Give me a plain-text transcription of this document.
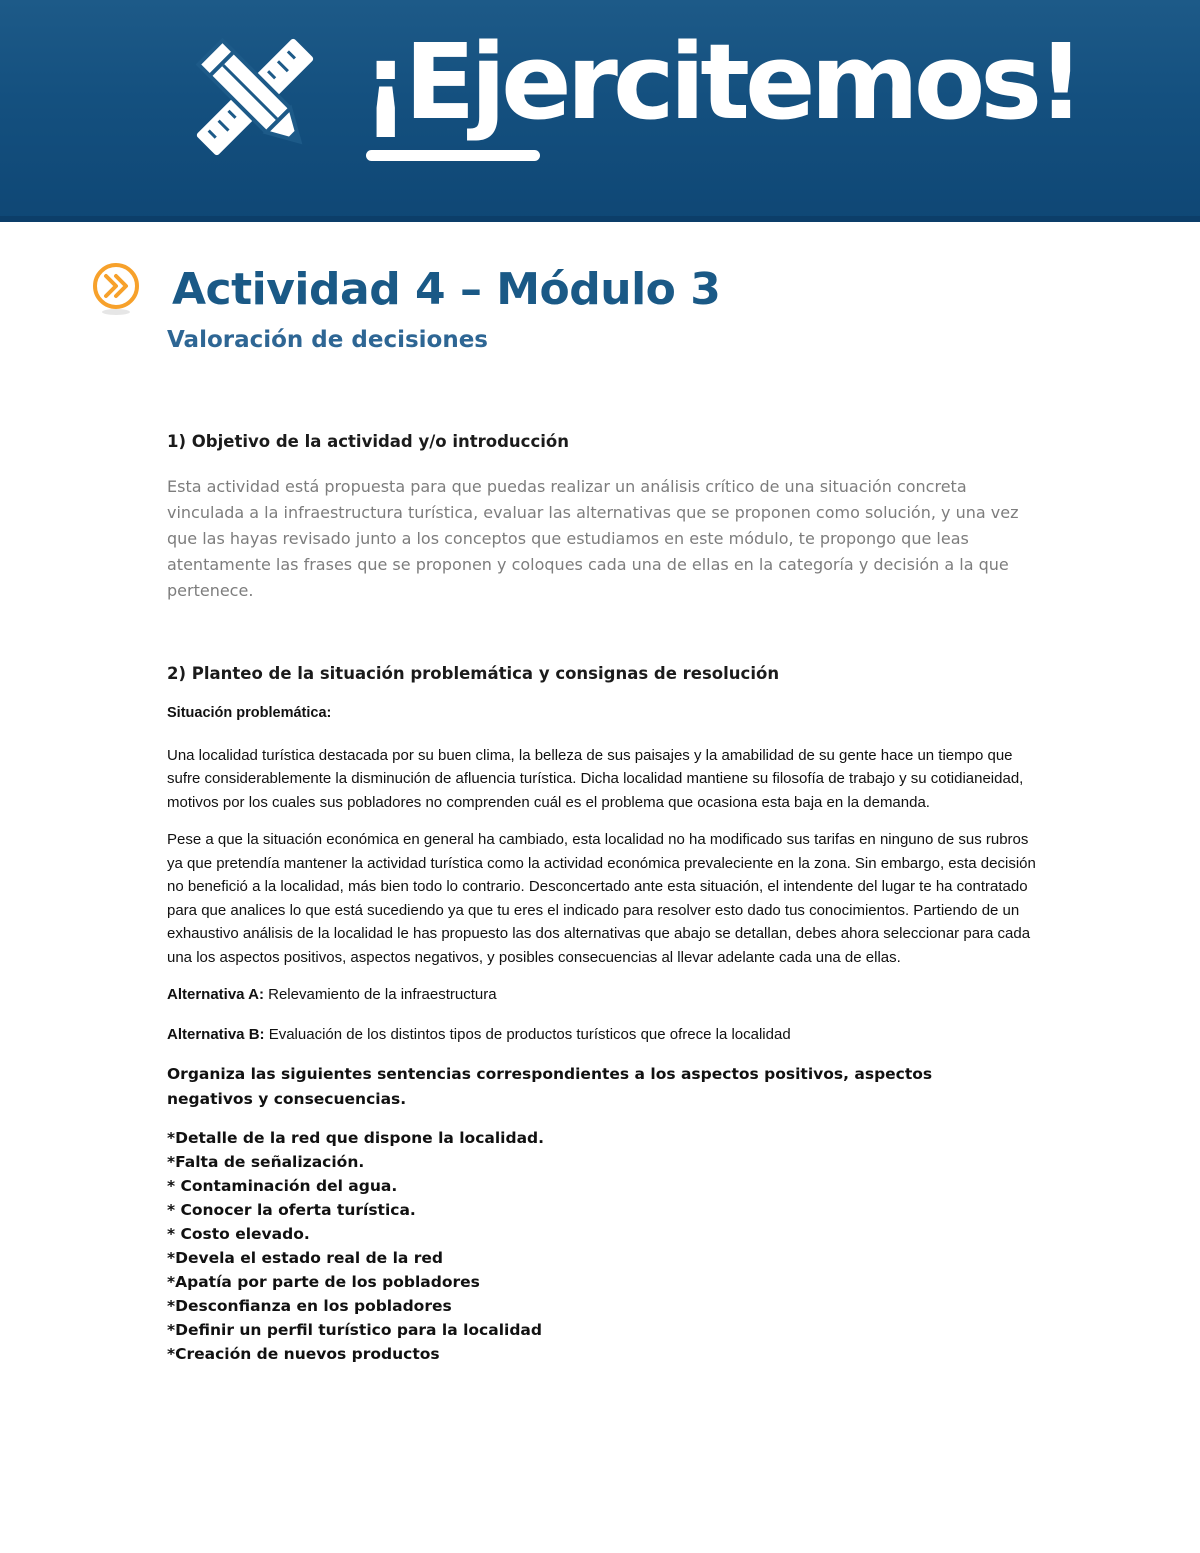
¡Ejercitemos!
Actividad 4 – Módulo 3
Valoración de decisiones
1) Objetivo de la actividad y/o introducción

Esta actividad está propuesta para que puedas realizar un análisis crítico de una situación concreta vinculada a la infraestructura turística, evaluar las alternativas que se proponen como solución, y una vez que las hayas revisado junto a los conceptos que estudiamos en este módulo, te propongo que leas atentamente las frases que se proponen y coloques cada una de ellas en la categoría y decisión a la que pertenece.

2) Planteo de la situación problemática y consignas de resolución

Situación problemática:

Una localidad turística destacada por su buen clima, la belleza de sus paisajes y la amabilidad de su gente hace un tiempo que sufre considerablemente la disminución de afluencia turística. Dicha localidad mantiene su filosofía de trabajo y su cotidianeidad, motivos por los cuales sus pobladores no comprenden cuál es el problema que ocasiona esta baja en la demanda.

Pese a que la situación económica en general ha cambiado, esta localidad no ha modificado sus tarifas en ninguno de sus rubros ya que pretendía mantener la actividad turística como la actividad económica prevaleciente en la zona. Sin embargo, esta decisión no benefició a la localidad, más bien todo lo contrario. Desconcertado ante esta situación, el intendente del lugar te ha contratado para que analices lo que está sucediendo ya que tu eres el indicado para resolver esto dado tus conocimientos. Partiendo de un exhaustivo análisis de la localidad le has propuesto las dos alternativas que abajo se detallan, debes ahora seleccionar para cada una los aspectos positivos, aspectos negativos, y posibles consecuencias al llevar adelante cada una de ellas.

Alternativa A: Relevamiento de la infraestructura

Alternativa B: Evaluación de los distintos tipos de productos turísticos que ofrece la localidad

Organiza las siguientes sentencias correspondientes a los aspectos positivos, aspectos negativos y consecuencias.

*Detalle de la red que dispone la localidad.
*Falta de señalización.
* Contaminación del agua.
* Conocer la oferta turística.
* Costo elevado.
*Devela el estado real de la red
*Apatía por parte de los pobladores
*Desconfianza en los pobladores
*Definir un perfil turístico para la localidad
*Creación de nuevos productos
